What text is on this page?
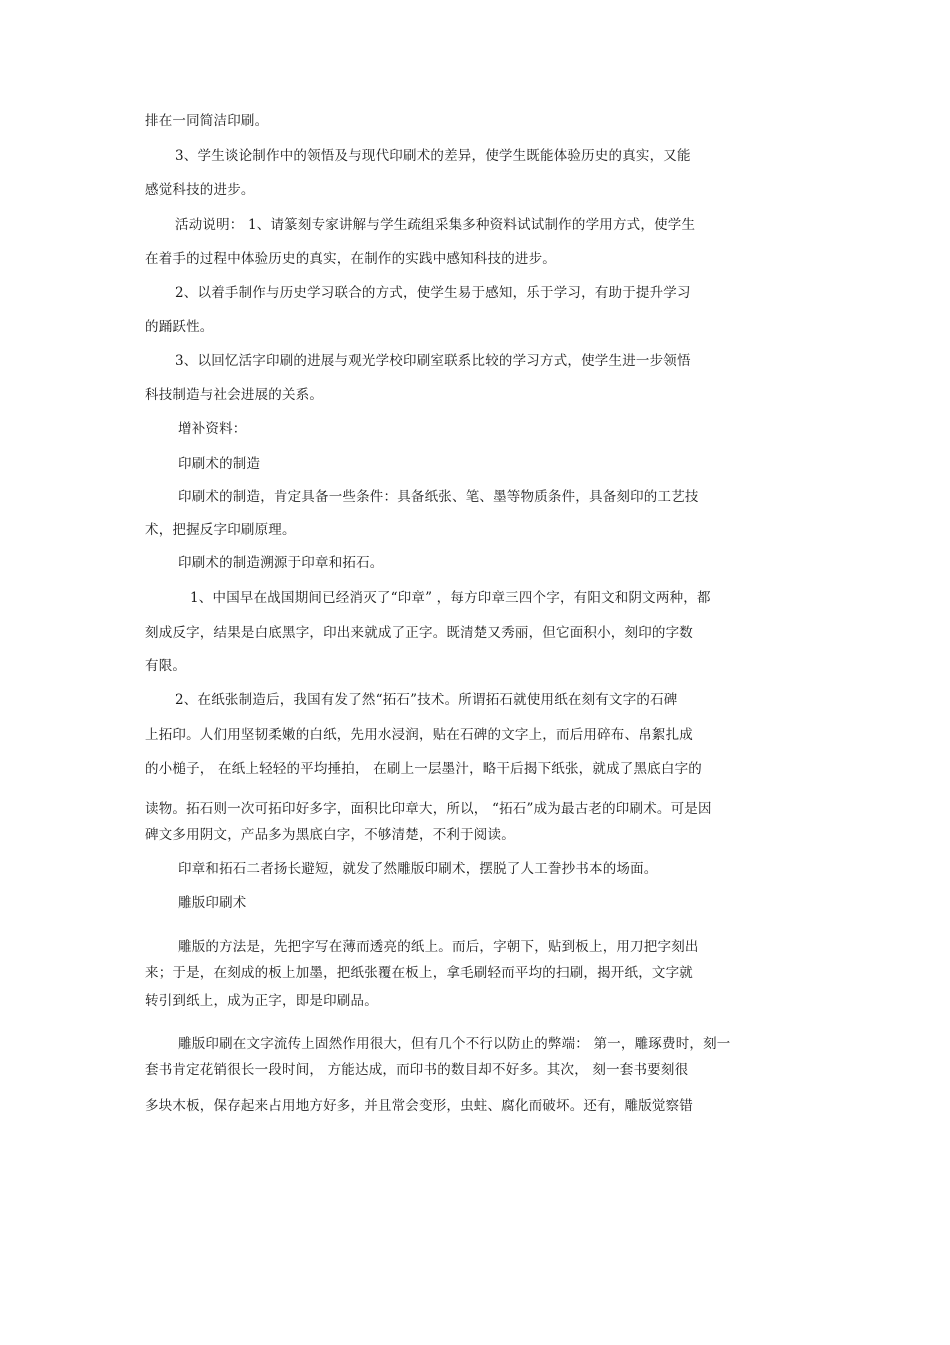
排在一同简洁印刷。
3、学生谈论制作中的领悟及与现代印刷术的差异，使学生既能体验历史的真实，又能
感觉科技的进步。
活动说明： 1、请篆刻专家讲解与学生疏组采集多种资料试试制作的学用方式，使学生
在着手的过程中体验历史的真实，在制作的实践中感知科技的进步。
2、以着手制作与历史学习联合的方式，使学生易于感知，乐于学习，有助于提升学习
的踊跃性。
3、以回忆活字印刷的进展与观光学校印刷室联系比较的学习方式，使学生进一步领悟
科技制造与社会进展的关系。
增补资料：
印刷术的制造
印刷术的制造，肯定具备一些条件：具备纸张、笔、墨等物质条件，具备刻印的工艺技
术，把握反字印刷原理。
印刷术的制造溯源于印章和拓石。
1、中国早在战国期间已经消灭了“印章” ，每方印章三四个字，有阳文和阴文两种，都
刻成反字，结果是白底黑字，印出来就成了正字。既清楚又秀丽，但它面积小，刻印的字数
有限。
2、在纸张制造后，我国有发了然“拓石”技术。所谓拓石就使用纸在刻有文字的石碑
上拓印。人们用坚韧柔嫩的白纸，先用水浸润，贴在石碑的文字上，而后用碎布、帛絮扎成
的小槌子， 在纸上轻轻的平均捶拍， 在刷上一层墨汁，略干后揭下纸张，就成了黑底白字的
读物。拓石则一次可拓印好多字，面积比印章大，所以， “拓石”成为最古老的印刷术。可是因
碑文多用阴文，产品多为黑底白字，不够清楚，不利于阅读。
印章和拓石二者扬长避短，就发了然雕版印刷术，摆脱了人工誊抄书本的场面。
雕版印刷术
雕版的方法是，先把字写在薄而透亮的纸上。而后，字朝下，贴到板上，用刀把字刻出
来；于是，在刻成的板上加墨，把纸张覆在板上，拿毛刷轻而平均的扫刷，揭开纸，文字就
转引到纸上，成为正字，即是印刷品。
雕版印刷在文字流传上固然作用很大，但有几个不行以防止的弊端： 第一，雕琢费时，刻一
套书肯定花销很长一段时间， 方能达成，而印书的数目却不好多。其次， 刻一套书要刻很
多块木板，保存起来占用地方好多，并且常会变形，虫蛀、腐化而破坏。还有，雕版觉察错
